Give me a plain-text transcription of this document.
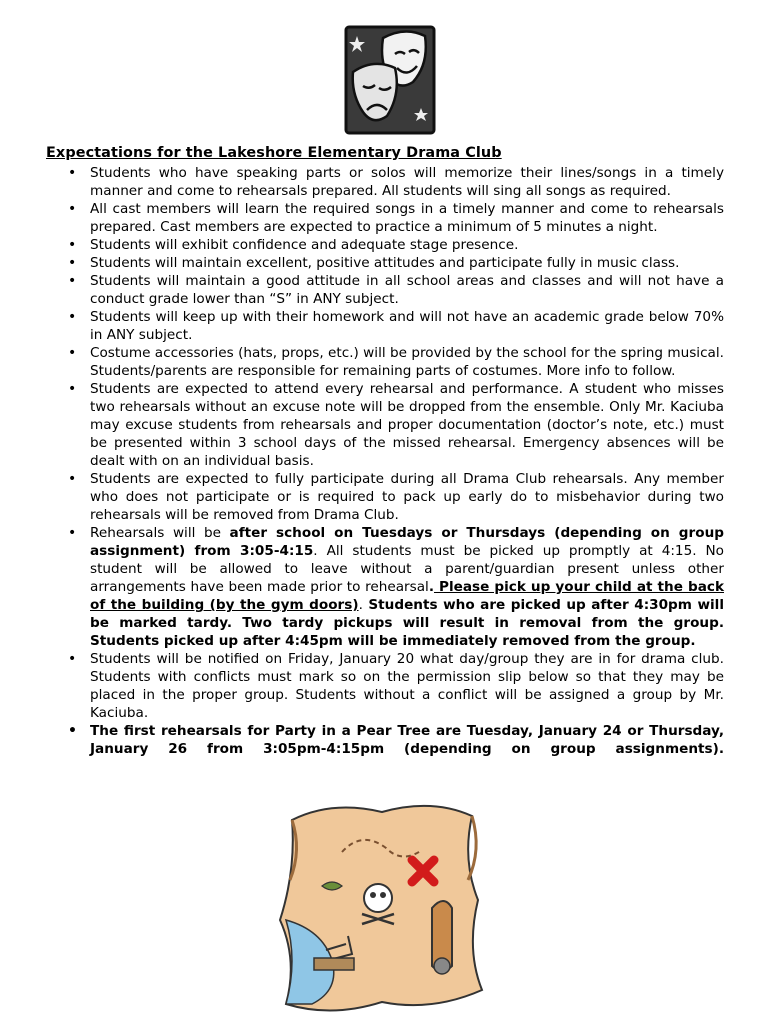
Expectations for the Lakeshore Elementary Drama Club
• Students who have speaking parts or solos will memorize their lines/songs in a timely manner and come to rehearsals prepared. All students will sing all songs as required.
• All cast members will learn the required songs in a timely manner and come to rehearsals prepared. Cast members are expected to practice a minimum of 5 minutes a night.
• Students will exhibit confidence and adequate stage presence.
• Students will maintain excellent, positive attitudes and participate fully in music class.
• Students will maintain a good attitude in all school areas and classes and will not have a conduct grade lower than “S” in ANY subject.
• Students will keep up with their homework and will not have an academic grade below 70% in ANY subject.
• Costume accessories (hats, props, etc.) will be provided by the school for the spring musical. Students/parents are responsible for remaining parts of costumes. More info to follow.
• Students are expected to attend every rehearsal and performance. A student who misses two rehearsals without an excuse note will be dropped from the ensemble. Only Mr. Kaciuba may excuse students from rehearsals and proper documentation (doctor’s note, etc.) must be presented within 3 school days of the missed rehearsal. Emergency absences will be dealt with on an individual basis.
• Students are expected to fully participate during all Drama Club rehearsals. Any member who does not participate or is required to pack up early do to misbehavior during two rehearsals will be removed from Drama Club.
• Rehearsals will be after school on Tuesdays or Thursdays (depending on group assignment) from 3:05-4:15. All students must be picked up promptly at 4:15. No student will be allowed to leave without a parent/guardian present unless other arrangements have been made prior to rehearsal. Please pick up your child at the back of the building (by the gym doors). Students who are picked up after 4:30pm will be marked tardy. Two tardy pickups will result in removal from the group. Students picked up after 4:45pm will be immediately removed from the group.
• Students will be notified on Friday, January 20 what day/group they are in for drama club. Students with conflicts must mark so on the permission slip below so that they may be placed in the proper group. Students without a conflict will be assigned a group by Mr. Kaciuba.
• The first rehearsals for Party in a Pear Tree are Tuesday, January 24 or Thursday, January 26 from 3:05pm-4:15pm (depending on group assignments).
